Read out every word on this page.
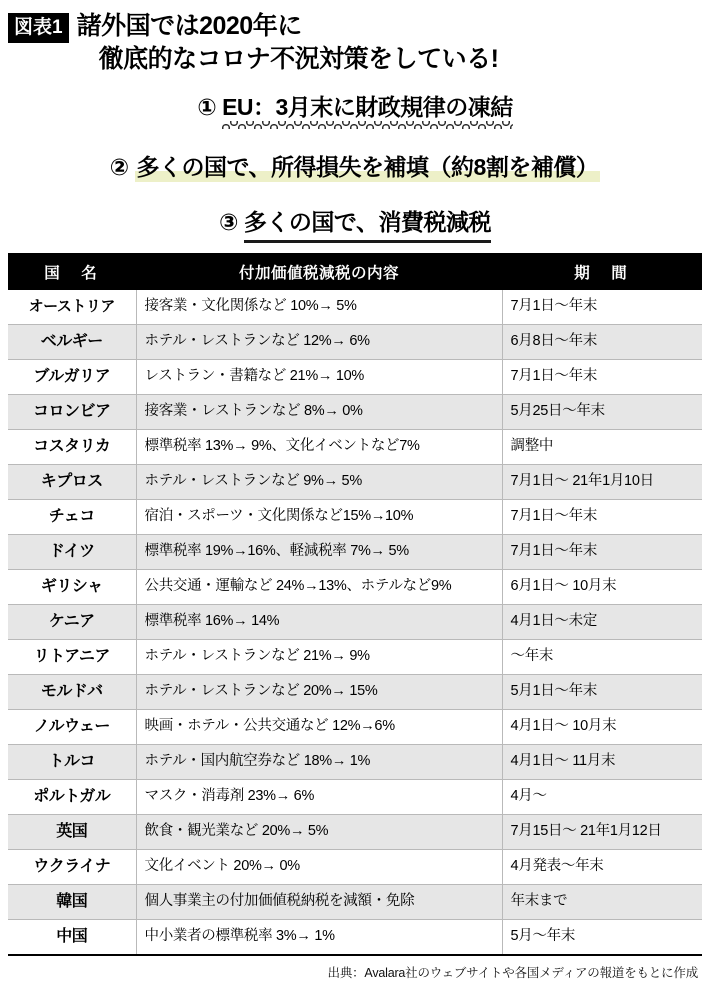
図表1 諸外国では2020年に
徹底的なコロナ不況対策をしている!
① EU：3月末に財政規律の凍結
② 多くの国で、所得損失を補填（約8割を補償）
③ 多くの国で、消費税減税
国　名	付加価値税減税の内容	期　間
オーストリア	接客業・文化関係など 10%→ 5%	7月1日〜年末
ベルギー	ホテル・レストランなど 12%→ 6%	6月8日〜年末
ブルガリア	レストラン・書籍など 21%→ 10%	7月1日〜年末
コロンビア	接客業・レストランなど 8%→ 0%	5月25日〜年末
コスタリカ	標準税率 13%→ 9%、文化イベントなど7%	調整中
キプロス	ホテル・レストランなど 9%→ 5%	7月1日〜 21年1月10日
チェコ	宿泊・スポーツ・文化関係など15%→10%	7月1日〜年末
ドイツ	標準税率 19%→16%、軽減税率 7%→ 5%	7月1日〜年末
ギリシャ	公共交通・運輸など 24%→13%、ホテルなど9%	6月1日〜 10月末
ケニア	標準税率 16%→ 14%	4月1日〜未定
リトアニア	ホテル・レストランなど 21%→ 9%	〜年末
モルドバ	ホテル・レストランなど 20%→ 15%	5月1日〜年末
ノルウェー	映画・ホテル・公共交通など 12%→6%	4月1日〜 10月末
トルコ	ホテル・国内航空券など 18%→ 1%	4月1日〜 11月末
ポルトガル	マスク・消毒剤 23%→ 6%	4月〜
英国	飲食・観光業など 20%→ 5%	7月15日〜 21年1月12日
ウクライナ	文化イベント 20%→ 0%	4月発表〜年末
韓国	個人事業主の付加価値税納税を減額・免除	年末まで
中国	中小業者の標準税率 3%→ 1%	5月〜年末
出典：Avalara社のウェブサイトや各国メディアの報道をもとに作成
